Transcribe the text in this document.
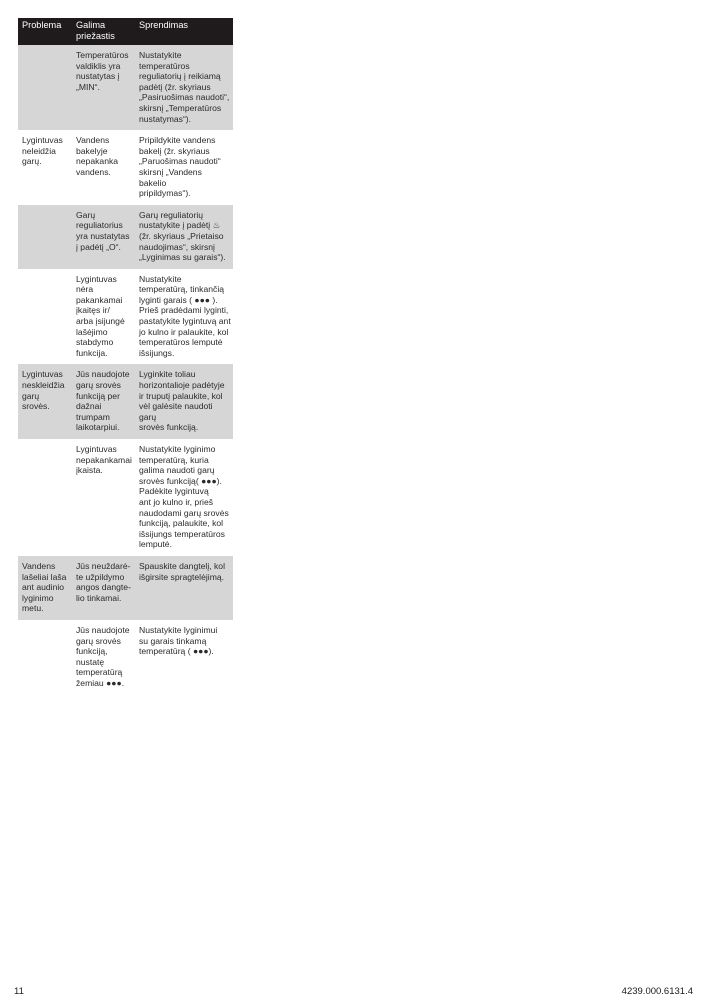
Problema	Galima
priežastis
Sprendimas
Temperatūros
valdiklis yra
nustatytas į
„MIN“.
Nustatykite
temperatūros
reguliatorių į reikiamą
padėtį (žr. skyriaus
„Pasiruošimas naudoti“,
skirsnį „Temperatūros
nustatymas“).
Lygintuvas
neleidžia
garų.
Vandens
bakelyje
nepakanka
vandens.
Pripildykite vandens
bakelį (žr. skyriaus
„Paruošimas naudoti“
skirsnį „Vandens bakelio
pripildymas“).
Garų
reguliatorius
yra nustatytas
į padėtį „O“.
Garų reguliatorių
nustatykite į padėtį ♨
(žr. skyriaus „Prietaiso
naudojimas“, skirsnį
„Lyginimas su garais“).
Lygintuvas
nėra
pakankamai
įkaitęs ir/
arba įsijungė
lašėjimo
stabdymo
funkcija.
Nustatykite
temperatūrą, tinkančią
lyginti garais ( ●●● ).
Prieš pradėdami lyginti,
pastatykite lygintuvą ant
jo kulno ir palaukite, kol
temperatūros lemputė
išsijungs.
Lygintuvas
neskleidžia
garų srovės.
Jūs naudojote
garų srovės
funkciją per
dažnai
trumpam
laikotarpiui.
Lyginkite toliau
horizontalioje padėtyje
ir truputį palaukite, kol
vėl galėsite naudoti garų
srovės funkciją.
Lygintuvas
nepakankamai
įkaista.
Nustatykite lyginimo
temperatūrą, kuria
galima naudoti garų
srovės funkciją( ●●●).
Padėkite lygintuvą
ant jo kulno ir, prieš
naudodami garų srovės
funkciją, palaukite, kol
išsijungs temperatūros
lemputė.
Vandens
lašeliai laša
ant audinio
lyginimo
metu.
Jūs neuždarė-
te užpildymo
angos dangte-
lio tinkamai.
Spauskite dangtelį, kol
išgirsite spragtelėjimą.
Jūs naudojote
garų srovės
funkciją,
nustatę
temperatūrą
žemiau ●●●.
Nustatykite lyginimui
su garais tinkamą
temperatūrą ( ●●●).
11	4239.000.6131.4
